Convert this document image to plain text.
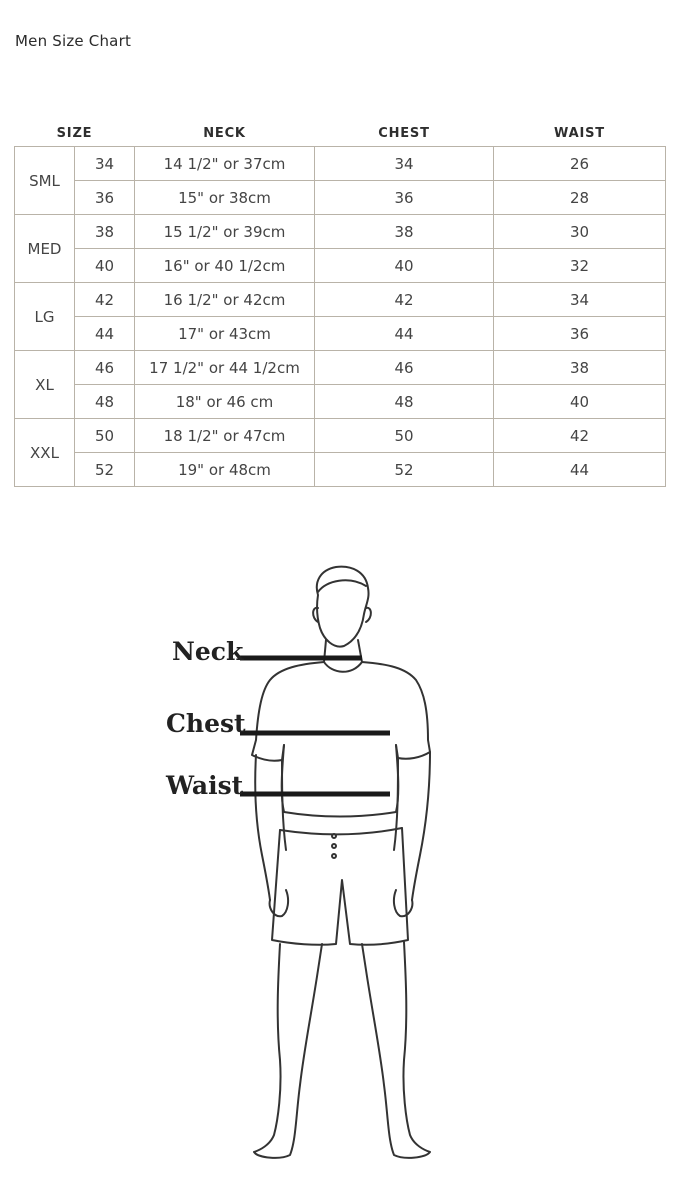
Men Size Chart
SIZE		NECK	CHEST	WAIST
SML	34	14 1/2" or 37cm	34	26
	36	15" or 38cm	36	28
MED	38	15 1/2" or 39cm	38	30
	40	16" or 40 1/2cm	40	32
LG	42	16 1/2" or 42cm	42	34
	44	17" or 43cm	44	36
XL	46	17 1/2" or 44 1/2cm	46	38
	48	18" or 46 cm	48	40
XXL	50	18 1/2" or 47cm	50	42
	52	19" or 48cm	52	44
Neck
Chest
Waist
